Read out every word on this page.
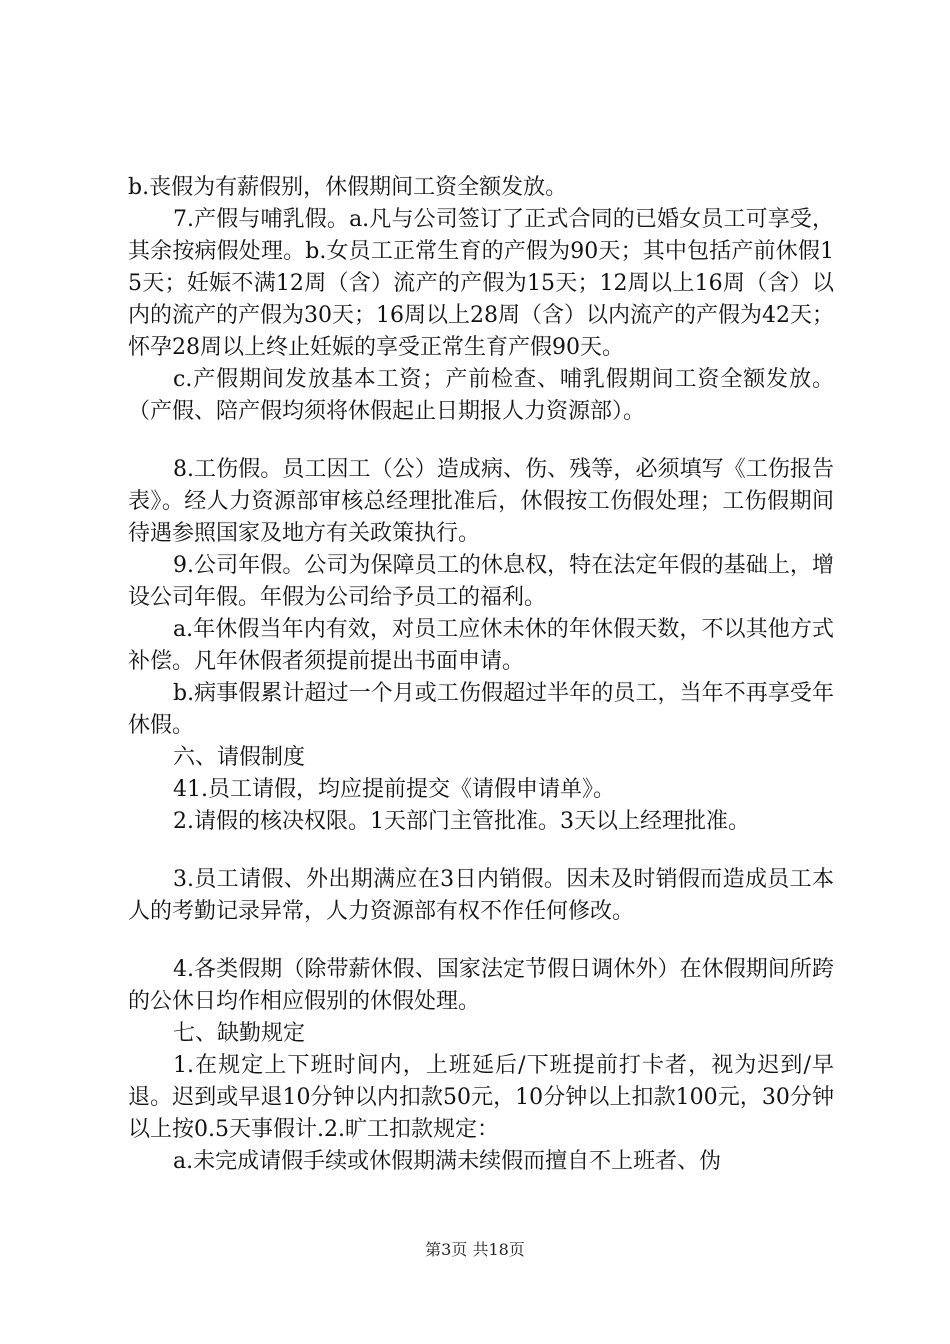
b.丧假为有薪假别，休假期间工资全额发放。

7.产假与哺乳假。a.凡与公司签订了正式合同的已婚女员工可享受，其余按病假处理。b.女员工正常生育的产假为90天；其中包括产前休假15天；妊娠不满12周（含）流产的产假为15天；12周以上16周（含）以内的流产的产假为30天；16周以上28周（含）以内流产的产假为42天；怀孕28周以上终止妊娠的享受正常生育产假90天。

c.产假期间发放基本工资；产前检查、哺乳假期间工资全额发放。（产假、陪产假均须将休假起止日期报人力资源部）。

8.工伤假。员工因工（公）造成病、伤、残等，必须填写《工伤报告表》。经人力资源部审核总经理批准后，休假按工伤假处理；工伤假期间待遇参照国家及地方有关政策执行。

9.公司年假。公司为保障员工的休息权，特在法定年假的基础上，增设公司年假。年假为公司给予员工的福利。

a.年休假当年内有效，对员工应休未休的年休假天数，不以其他方式补偿。凡年休假者须提前提出书面申请。

b.病事假累计超过一个月或工伤假超过半年的员工，当年不再享受年休假。

六、请假制度

41.员工请假，均应提前提交《请假申请单》。

2.请假的核决权限。1天部门主管批准。3天以上经理批准。

3.员工请假、外出期满应在3日内销假。因未及时销假而造成员工本人的考勤记录异常，人力资源部有权不作任何修改。

4.各类假期（除带薪休假、国家法定节假日调休外）在休假期间所跨的公休日均作相应假别的休假处理。

七、缺勤规定

1.在规定上下班时间内，上班延后/下班提前打卡者，视为迟到/早退。迟到或早退10分钟以内扣款50元，10分钟以上扣款100元，30分钟以上按0.5天事假计.2.旷工扣款规定：

a.未完成请假手续或休假期满未续假而擅自不上班者、伪

第3页 共18页
